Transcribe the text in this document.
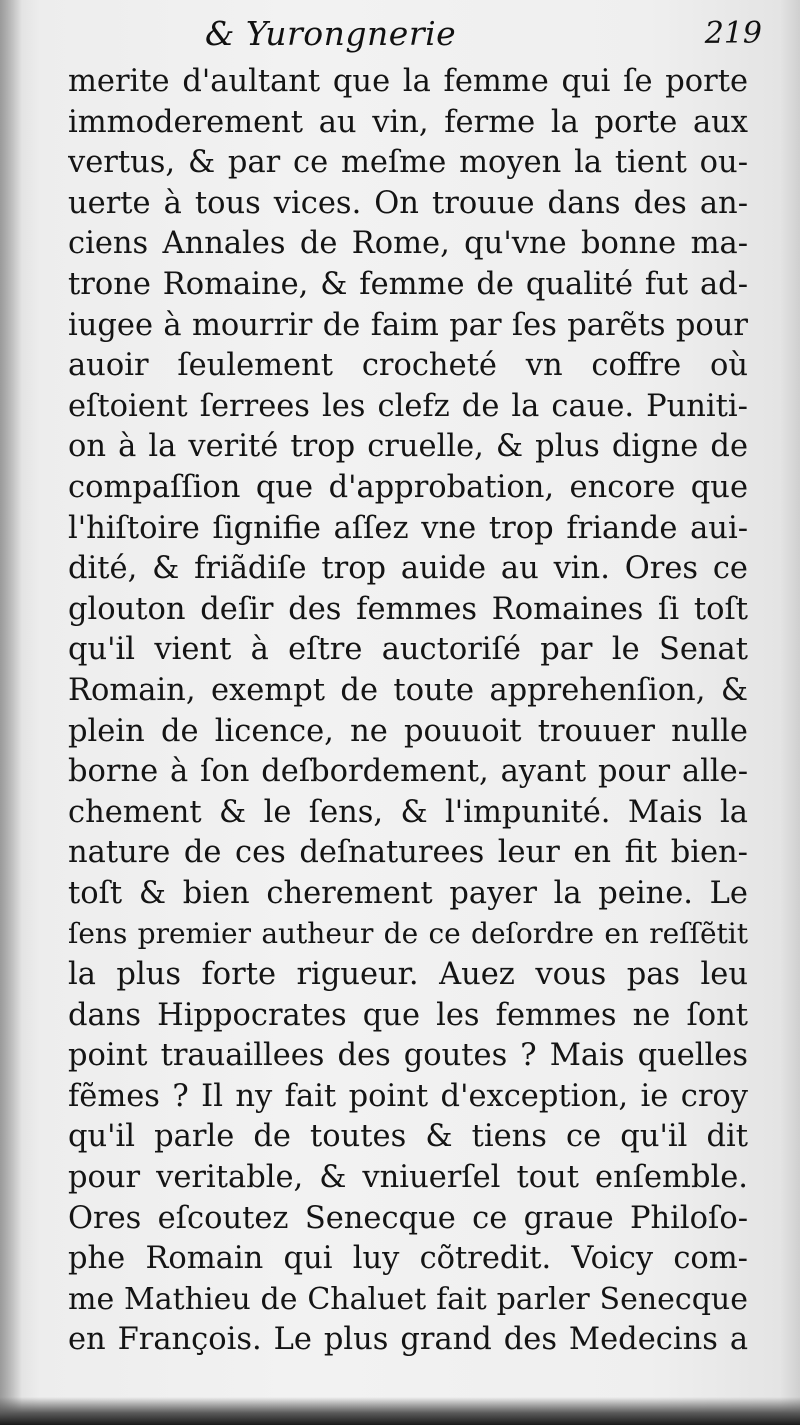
& Yurongnerie	219
merite d'aultant que la femme qui ſe porte
immoderement au vin, ferme la porte aux
vertus, & par ce meſme moyen la tient ou-
uerte à tous vices. On trouue dans des an-
ciens Annales de Rome, qu'vne bonne ma-
trone Romaine, & femme de qualité fut ad-
iugee à mourrir de faim par ſes parẽts pour
auoir ſeulement crocheté vn coffre où
eſtoient ſerrees les clefz de la caue. Puniti-
on à la verité trop cruelle, & plus digne de
compaſſion que d'approbation, encore que
l'hiſtoire ſignifie aſſez vne trop friande aui-
dité, & friãdiſe trop auide au vin. Ores ce
glouton deſir des femmes Romaines ſi toſt
qu'il vient à eſtre auctoriſé par le Senat
Romain, exempt de toute apprehenſion, &
plein de licence, ne pouuoit trouuer nulle
borne à ſon deſbordement, ayant pour alle-
chement & le ſens, & l'impunité. Mais la
nature de ces deſnaturees leur en fit bien-
toſt & bien cherement payer la peine. Le
ſens premier autheur de ce deſordre en reſſẽtit
la plus forte rigueur. Auez vous pas leu
dans Hippocrates que les femmes ne ſont
point trauaillees des goutes ? Mais quelles
fẽmes ? Il ny fait point d'exception, ie croy
qu'il parle de toutes & tiens ce qu'il dit
pour veritable, & vniuerſel tout enſemble.
Ores eſcoutez Senecque ce graue Philoſo-
phe Romain qui luy cõtredit. Voicy com-
me Mathieu de Chaluet fait parler Senecque
en François. Le plus grand des Medecins a
